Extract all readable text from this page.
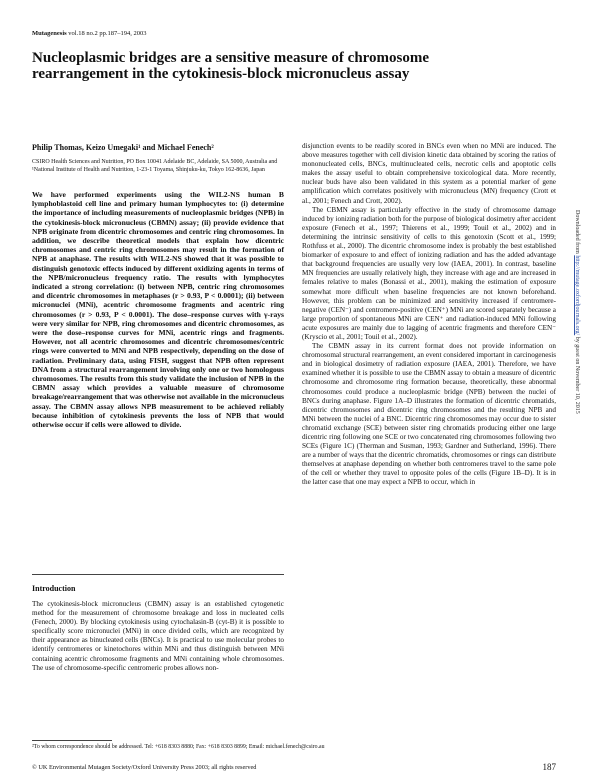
Mutagenesis vol.18 no.2 pp.187–194, 2003
Nucleoplasmic bridges are a sensitive measure of chromosome
rearrangement in the cytokinesis-block micronucleus assay
Philip Thomas, Keizo Umegaki¹ and Michael Fenech²
CSIRO Health Sciences and Nutrition, PO Box 10041 Adelaide BC, Adelaide, SA 5000, Australia and ¹National Institute of Health and Nutrition, 1-23-1 Toyama, Shinjuku-ku, Tokyo 162-8636, Japan
We have performed experiments using the WIL2-NS human B lymphoblastoid cell line and primary human lymphocytes to: (i) determine the importance of including measurements of nucleoplasmic bridges (NPB) in the cytokinesis-block micronucleus (CBMN) assay; (ii) provide evidence that NPB originate from dicentric chromosomes and centric ring chromosomes. In addition, we describe theoretical models that explain how dicentric chromosomes and centric ring chromosomes may result in the formation of NPB at anaphase. The results with WIL2-NS showed that it was possible to distinguish genotoxic effects induced by different oxidizing agents in terms of the NPB/micronucleus frequency ratio. The results with lymphocytes indicated a strong correlation: (i) between NPB, centric ring chromosomes and dicentric chromosomes in metaphases (r > 0.93, P < 0.0001); (ii) between micronuclei (MNi), acentric chromosome fragments and acentric ring chromosomes (r > 0.93, P < 0.0001). The dose–response curves with γ-rays were very similar for NPB, ring chromosomes and dicentric chromosomes, as were the dose–response curves for MNi, acentric rings and fragments. However, not all acentric chromosomes and dicentric chromosomes/centric rings were converted to MNi and NPB respectively, depending on the dose of radiation. Preliminary data, using FISH, suggest that NPB often represent DNA from a structural rearrangement involving only one or two homologous chromosomes. The results from this study validate the inclusion of NPB in the CBMN assay which provides a valuable measure of chromosome breakage/rearrangement that was otherwise not available in the micronucleus assay. The CBMN assay allows NPB measurement to be achieved reliably because inhibition of cytokinesis prevents the loss of NPB that would otherwise occur if cells were allowed to divide.
Introduction
The cytokinesis-block micronucleus (CBMN) assay is an established cytogenetic method for the measurement of chromosome breakage and loss in nucleated cells (Fenech, 2000). By blocking cytokinesis using cytochalasin-B (cyt-B) it is possible to specifically score micronuclei (MNi) in once divided cells, which are recognized by their appearance as binucleated cells (BNCs). It is practical to use molecular probes to identify centromeres or kinetochores within MNi and thus distinguish between MNi containing acentric chromosome fragments and MNi containing whole chromosomes. The use of chromosome-specific centromeric probes allows non-

disjunction events to be readily scored in BNCs even when no MNi are induced. The above measures together with cell division kinetic data obtained by scoring the ratios of mononucleated cells, BNCs, multinucleated cells, necrotic cells and apoptotic cells makes the assay useful to obtain comprehensive toxicological data. More recently, nuclear buds have also been validated in this system as a potential marker of gene amplification which correlates positively with micronucleus (MN) frequency (Crott et al., 2001; Fenech and Crott, 2002).

The CBMN assay is particularly effective in the study of chromosome damage induced by ionizing radiation both for the purpose of biological dosimetry after accident exposure (Fenech et al., 1997; Thierens et al., 1999; Touil et al., 2002) and in determining the intrinsic sensitivity of cells to this genotoxin (Scott et al., 1999; Rothfuss et al., 2000). The dicentric chromosome index is probably the best established biomarker of exposure to and effect of ionizing radiation and has the added advantage that background frequencies are usually very low (IAEA, 2001). In contrast, baseline MN frequencies are usually relatively high, they increase with age and are increased in females relative to males (Bonassi et al., 2001), making the estimation of exposure somewhat more difficult when baseline frequencies are not known beforehand. However, this problem can be minimized and sensitivity increased if centromere-negative (CEN⁻) and centromere-positive (CEN⁺) MNi are scored separately because a large proportion of spontaneous MNi are CEN⁺ and radiation-induced MNi following acute exposures are mainly due to lagging of acentric fragments and therefore CEN⁻ (Kryscio et al., 2001; Touil et al., 2002).

The CBMN assay in its current format does not provide information on chromosomal structural rearrangement, an event considered important in carcinogenesis and in biological dosimetry of radiation exposure (IAEA, 2001). Therefore, we have examined whether it is possible to use the CBMN assay to obtain a measure of dicentric chromosome and chromosome ring formation because, theoretically, these abnormal chromosomes could produce a nucleoplasmic bridge (NPB) between the nuclei of BNCs during anaphase. Figure 1A–D illustrates the formation of dicentric chromatids, dicentric chromosomes and dicentric ring chromosomes and the resulting NPB and MNi between the nuclei of a BNC. Dicentric ring chromosomes may occur due to sister chromatid exchange (SCE) between sister ring chromatids producing either one large dicentric ring following one SCE or two concatenated ring chromosomes following two SCEs (Figure 1C) (Therman and Susman, 1993; Gardner and Sutherland, 1996). There are a number of ways that the dicentric chromatids, chromosomes or rings can distribute themselves at anaphase depending on whether both centromeres travel to the same pole of the cell or whether they travel to opposite poles of the cells (Figure 1B–D). It is in the latter case that one may expect a NPB to occur, which in

²To whom correspondence should be addressed. Tel: +618 8303 8880; Fax: +618 8303 8899; Email: michael.fenech@csiro.au
© UK Environmental Mutagen Society/Oxford University Press 2003; all rights reserved	187
Downloaded from http://mutage.oxfordjournals.org/ by guest on November 10, 2015
